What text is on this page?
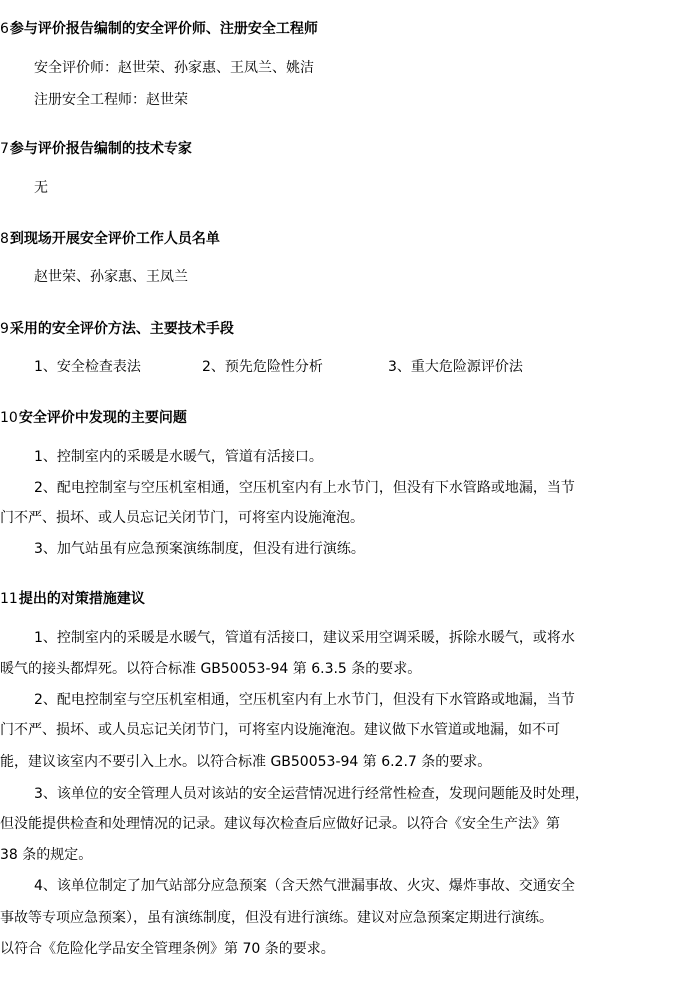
6参与评价报告编制的安全评价师、注册安全工程师
安全评价师：赵世荣、孙家惠、王凤兰、姚洁
注册安全工程师：赵世荣
7参与评价报告编制的技术专家
无
8到现场开展安全评价工作人员名单
赵世荣、孙家惠、王凤兰
9采用的安全评价方法、主要技术手段
1、安全检查表法	2、预先危险性分析	3、重大危险源评价法
10安全评价中发现的主要问题
1、控制室内的采暖是水暖气，管道有活接口。
2、配电控制室与空压机室相通，空压机室内有上水节门，但没有下水管路或地漏，当节
门不严、损坏、或人员忘记关闭节门，可将室内设施淹泡。
3、加气站虽有应急预案演练制度，但没有进行演练。
11提出的对策措施建议
1、控制室内的采暖是水暖气，管道有活接口，建议采用空调采暖，拆除水暖气，或将水
暖气的接头都焊死。以符合标准 GB50053-94 第 6.3.5 条的要求。
2、配电控制室与空压机室相通，空压机室内有上水节门，但没有下水管路或地漏，当节
门不严、损坏、或人员忘记关闭节门，可将室内设施淹泡。建议做下水管道或地漏，如不可
能，建议该室内不要引入上水。以符合标准 GB50053-94 第 6.2.7 条的要求。
3、该单位的安全管理人员对该站的安全运营情况进行经常性检查，发现问题能及时处理，
但没能提供检查和处理情况的记录。建议每次检查后应做好记录。以符合《安全生产法》第
38 条的规定。
4、该单位制定了加气站部分应急预案（含天然气泄漏事故、火灾、爆炸事故、交通安全
事故等专项应急预案），虽有演练制度，但没有进行演练。建议对应急预案定期进行演练。
以符合《危险化学品安全管理条例》第 70 条的要求。
